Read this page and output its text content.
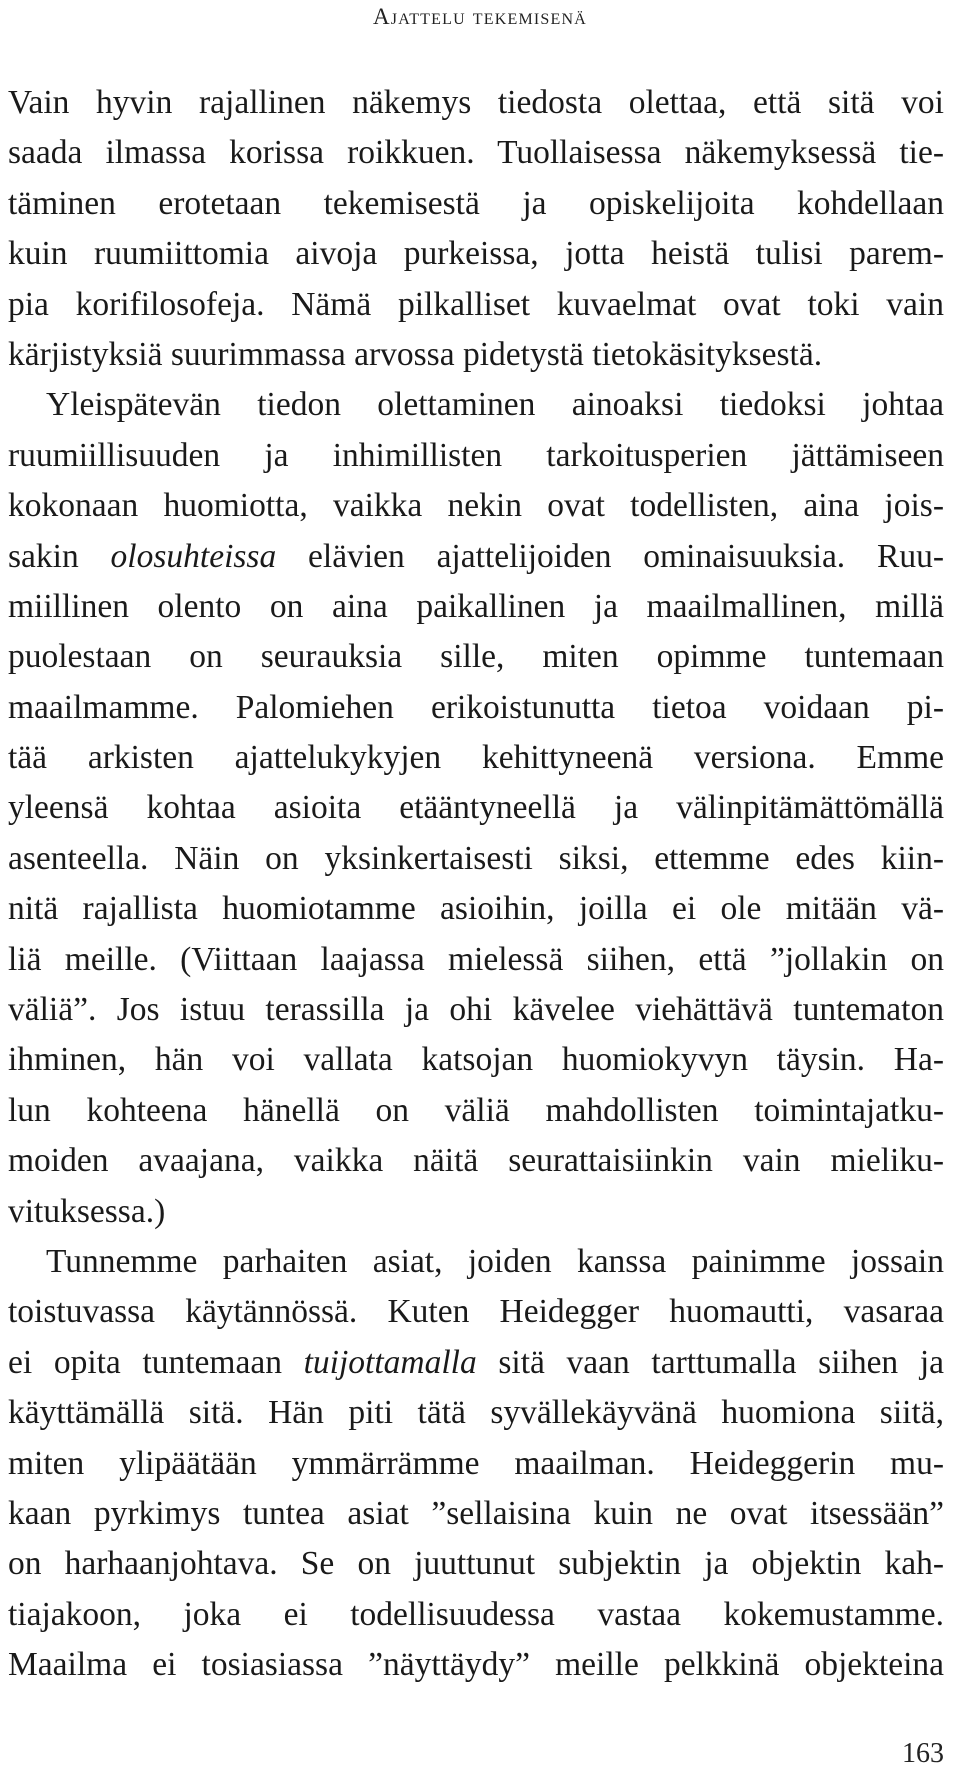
Ajattelu tekemisenä
Vain hyvin rajallinen näkemys tiedosta olettaa, että sitä voi
saada ilmassa korissa roikkuen. Tuollaisessa näkemyksessä tie-
täminen erotetaan tekemisestä ja opiskelijoita kohdellaan
kuin ruumiittomia aivoja purkeissa, jotta heistä tulisi parem-
pia korifilosofeja. Nämä pilkalliset kuvaelmat ovat toki vain
kärjistyksiä suurimmassa arvossa pidetystä tietokäsityksestä.
Yleispätevän tiedon olettaminen ainoaksi tiedoksi johtaa
ruumiillisuuden ja inhimillisten tarkoitusperien jättämiseen
kokonaan huomiotta, vaikka nekin ovat todellisten, aina jois-
sakin olosuhteissa elävien ajattelijoiden ominaisuuksia. Ruu-
miillinen olento on aina paikallinen ja maailmallinen, millä
puolestaan on seurauksia sille, miten opimme tuntemaan
maailmamme. Palomiehen erikoistunutta tietoa voidaan pi-
tää arkisten ajattelukykyjen kehittyneenä versiona. Emme
yleensä kohtaa asioita etääntyneellä ja välinpitämättömällä
asenteella. Näin on yksinkertaisesti siksi, ettemme edes kiin-
nitä rajallista huomiotamme asioihin, joilla ei ole mitään vä-
liä meille. (Viittaan laajassa mielessä siihen, että ”jollakin on
väliä”. Jos istuu terassilla ja ohi kävelee viehättävä tuntematon
ihminen, hän voi vallata katsojan huomiokyvyn täysin. Ha-
lun kohteena hänellä on väliä mahdollisten toimintajatku-
moiden avaajana, vaikka näitä seurattaisiinkin vain mieliku-
vituksessa.)
Tunnemme parhaiten asiat, joiden kanssa painimme jossain
toistuvassa käytännössä. Kuten Heidegger huomautti, vasaraa
ei opita tuntemaan tuijottamalla sitä vaan tarttumalla siihen ja
käyttämällä sitä. Hän piti tätä syvällekäyvänä huomiona siitä,
miten ylipäätään ymmärrämme maailman. Heideggerin mu-
kaan pyrkimys tuntea asiat ”sellaisina kuin ne ovat itsessään”
on harhaanjohtava. Se on juuttunut subjektin ja objektin kah-
tiajakoon, joka ei todellisuudessa vastaa kokemustamme.
Maailma ei tosiasiassa ”näyttäydy” meille pelkkinä objekteina
163
